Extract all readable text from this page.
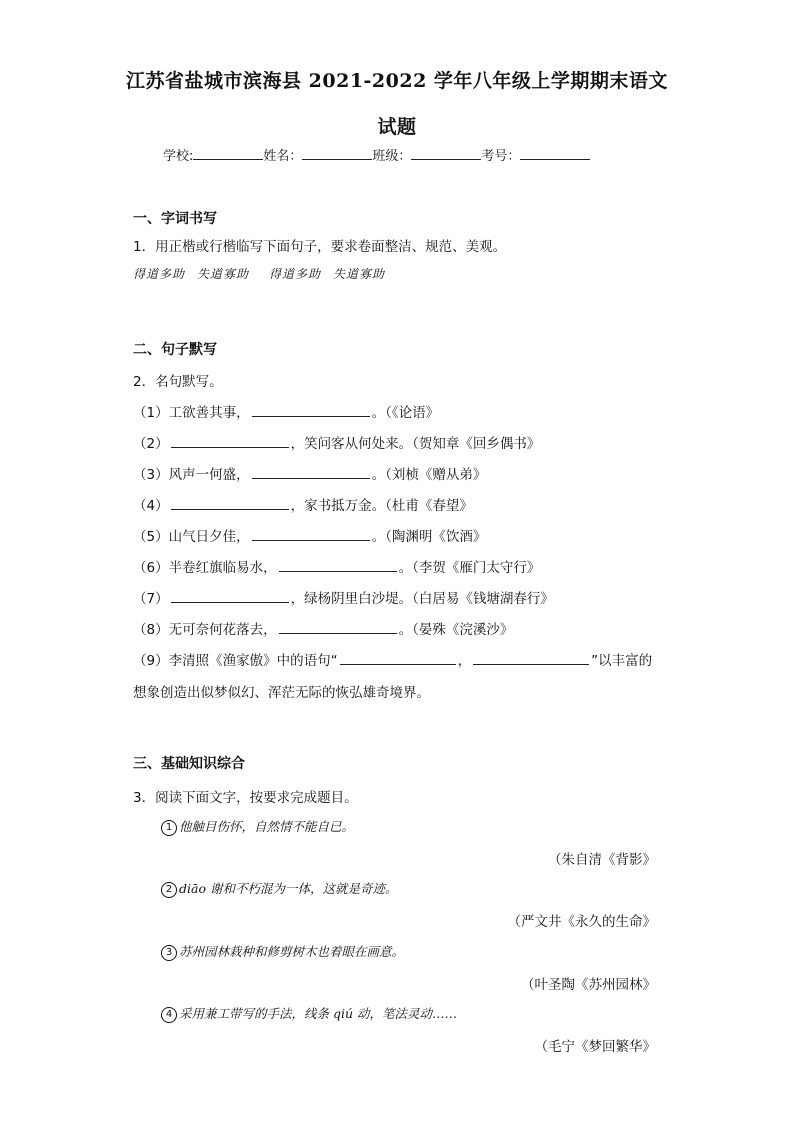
江苏省盐城市滨海县 2021-2022 学年八年级上学期期末语文
试题
学校:	姓名：	班级：	考号：
一、字词书写
1．用正楷或行楷临写下面句子，要求卷面整洁、规范、美观。
得道多助 失道寡助 得道多助 失道寡助
二、句子默写
2．名句默写。
（1）工欲善其事，	。（《论语》
（2）	，笑问客从何处来。（贺知章《回乡偶书》
（3）风声一何盛，	。（刘桢《赠从弟》
（4）	，家书抵万金。（杜甫《春望》
（5）山气日夕佳，	。（陶渊明《饮酒》
（6）半卷红旗临易水，	。（李贺《雁门太守行》
（7）	，绿杨阴里白沙堤。（白居易《钱塘湖春行》
（8）无可奈何花落去，	。（晏殊《浣溪沙》
（9）李清照《渔家傲》中的语句“	，	”以丰富的
想象创造出似梦似幻、浑茫无际的恢弘雄奇境界。
三、基础知识综合
3．阅读下面文字，按要求完成题目。
1 他触目伤怀，自然情不能自已。
（朱自清《背影》
2 diāo 谢和不朽混为一体，这就是奇迹。
（严文井《永久的生命》
3 苏州园林栽种和修剪树木也着眼在画意。
（叶圣陶《苏州园林》
4 采用兼工带写的手法，线条 qiú 动，笔法灵动……
（毛宁《梦回繁华》
